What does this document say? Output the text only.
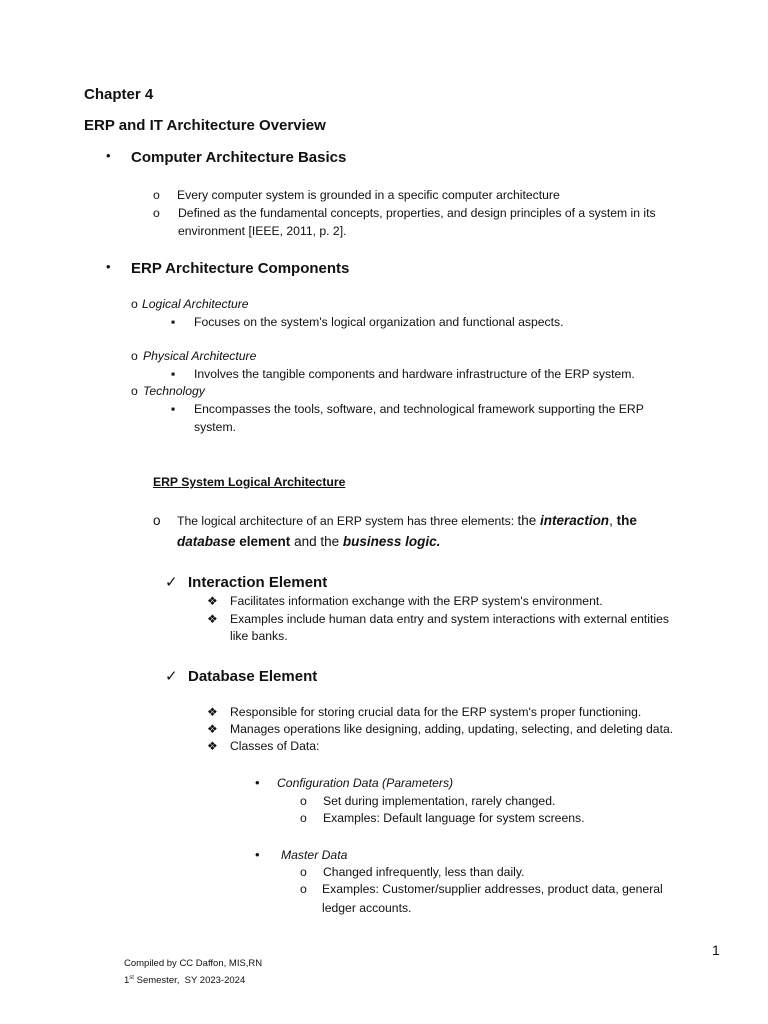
Chapter 4
ERP and IT Architecture Overview
• Computer Architecture Basics
o Every computer system is grounded in a specific computer architecture
o Defined as the fundamental concepts, properties, and design principles of a system in its
environment [IEEE, 2011, p. 2].
• ERP Architecture Components
o Logical Architecture
▪ Focuses on the system's logical organization and functional aspects.
o Physical Architecture
▪ Involves the tangible components and hardware infrastructure of the ERP system.
o Technology
▪ Encompasses the tools, software, and technological framework supporting the ERP
system.
ERP System Logical Architecture
o The logical architecture of an ERP system has three elements: the interaction, the
database element and the business logic.
✓ Interaction Element
❖ Facilitates information exchange with the ERP system's environment.
❖ Examples include human data entry and system interactions with external entities
like banks.
✓ Database Element
❖ Responsible for storing crucial data for the ERP system's proper functioning.
❖ Manages operations like designing, adding, updating, selecting, and deleting data.
❖ Classes of Data:
• Configuration Data (Parameters)
o Set during implementation, rarely changed.
o Examples: Default language for system screens.
• Master Data
o Changed infrequently, less than daily.
o Examples: Customer/supplier addresses, product data, general
ledger accounts.
1
Compiled by CC Daffon, MIS,RN
1st Semester,  SY 2023-2024
